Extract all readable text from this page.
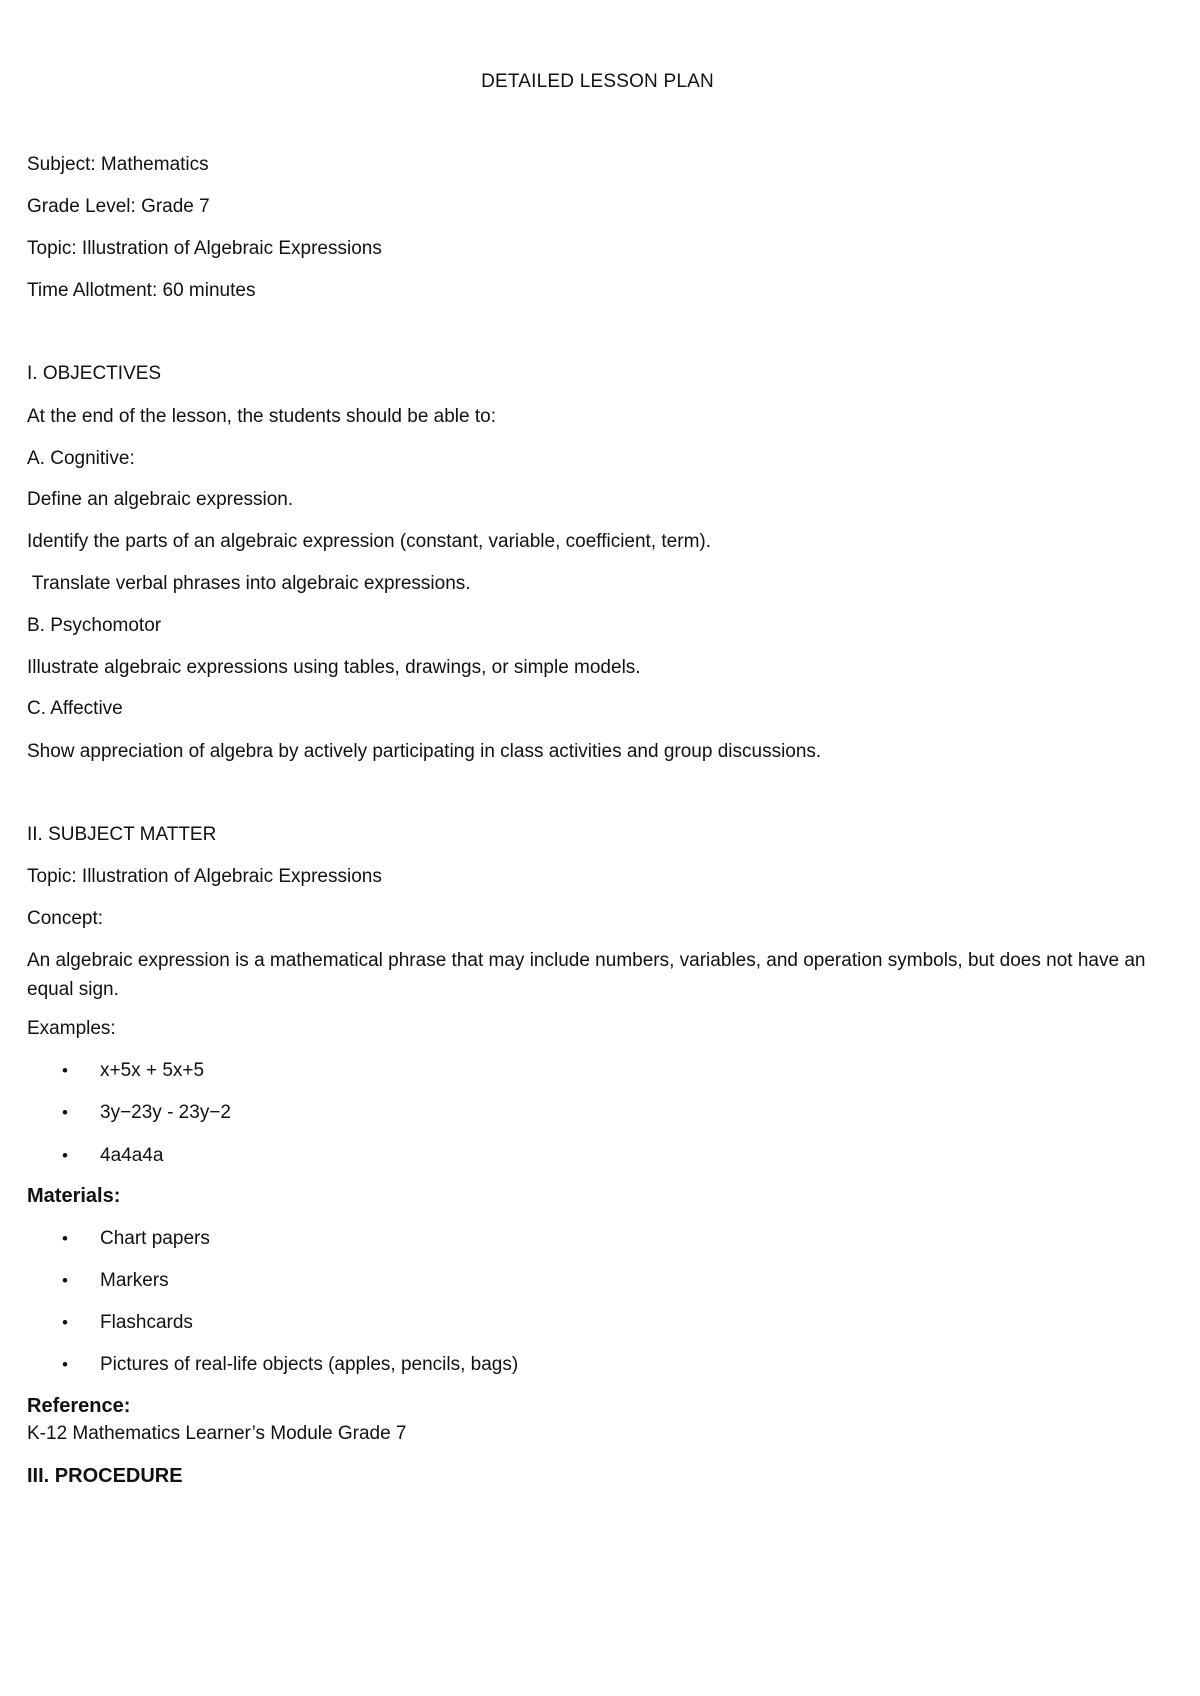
DETAILED LESSON PLAN
Subject: Mathematics
Grade Level: Grade 7
Topic: Illustration of Algebraic Expressions
Time Allotment: 60 minutes
I. OBJECTIVES
At the end of the lesson, the students should be able to:
A. Cognitive:
Define an algebraic expression.
Identify the parts of an algebraic expression (constant, variable, coefficient, term).
Translate verbal phrases into algebraic expressions.
B. Psychomotor
Illustrate algebraic expressions using tables, drawings, or simple models.
C. Affective
Show appreciation of algebra by actively participating in class activities and group discussions.
II. SUBJECT MATTER
Topic: Illustration of Algebraic Expressions
Concept:
An algebraic expression is a mathematical phrase that may include numbers, variables, and operation symbols, but does not have an equal sign.
Examples:
• x+5x + 5x+5
• 3y−23y - 23y−2
• 4a4a4a
Materials:
• Chart papers
• Markers
• Flashcards
• Pictures of real-life objects (apples, pencils, bags)
Reference:
K-12 Mathematics Learner’s Module Grade 7
III. PROCEDURE
